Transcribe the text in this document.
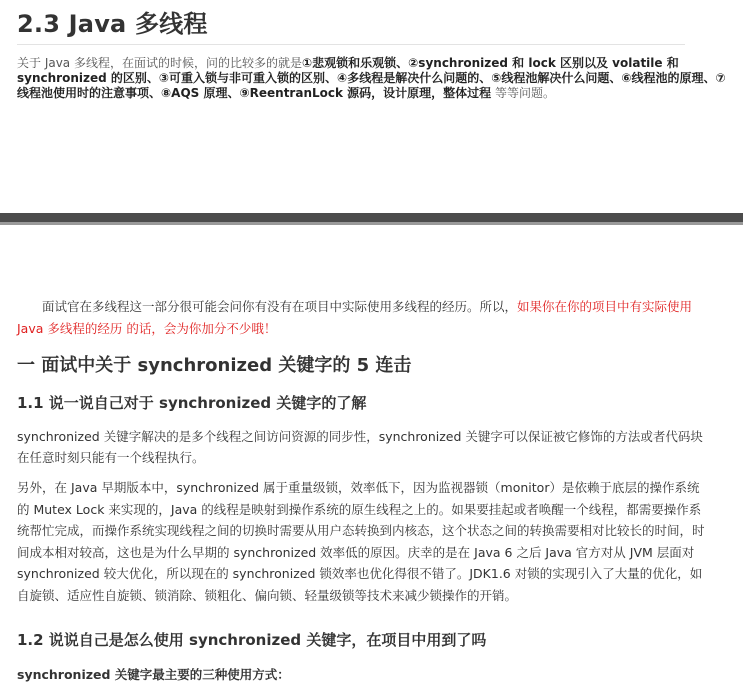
2.3 Java 多线程

关于 Java 多线程，在面试的时候，问的比较多的就是①悲观锁和乐观锁、②synchronized 和 lock 区别以及 volatile 和 synchronized 的区别、③可重入锁与非可重入锁的区别、④多线程是解决什么问题的、⑤线程池解决什么问题、⑥线程池的原理、⑦线程池使用时的注意事项、⑧AQS 原理、⑨ReentranLock 源码，设计原理，整体过程 等等问题。

面试官在多线程这一部分很可能会问你有没有在项目中实际使用多线程的经历。所以，如果你在你的项目中有实际使用 Java 多线程的经历 的话，会为你加分不少哦！

一 面试中关于 synchronized 关键字的 5 连击
1.1 说一说自己对于 synchronized 关键字的了解

synchronized 关键字解决的是多个线程之间访问资源的同步性，synchronized 关键字可以保证被它修饰的方法或者代码块在任意时刻只能有一个线程执行。

另外，在 Java 早期版本中，synchronized 属于重量级锁，效率低下，因为监视器锁（monitor）是依赖于底层的操作系统的 Mutex Lock 来实现的，Java 的线程是映射到操作系统的原生线程之上的。如果要挂起或者唤醒一个线程，都需要操作系统帮忙完成，而操作系统实现线程之间的切换时需要从用户态转换到内核态，这个状态之间的转换需要相对比较长的时间，时间成本相对较高，这也是为什么早期的 synchronized 效率低的原因。庆幸的是在 Java 6 之后 Java 官方对从 JVM 层面对 synchronized 较大优化，所以现在的 synchronized 锁效率也优化得很不错了。JDK1.6 对锁的实现引入了大量的优化，如自旋锁、适应性自旋锁、锁消除、锁粗化、偏向锁、轻量级锁等技术来减少锁操作的开销。

1.2 说说自己是怎么使用 synchronized 关键字，在项目中用到了吗

synchronized 关键字最主要的三种使用方式：
